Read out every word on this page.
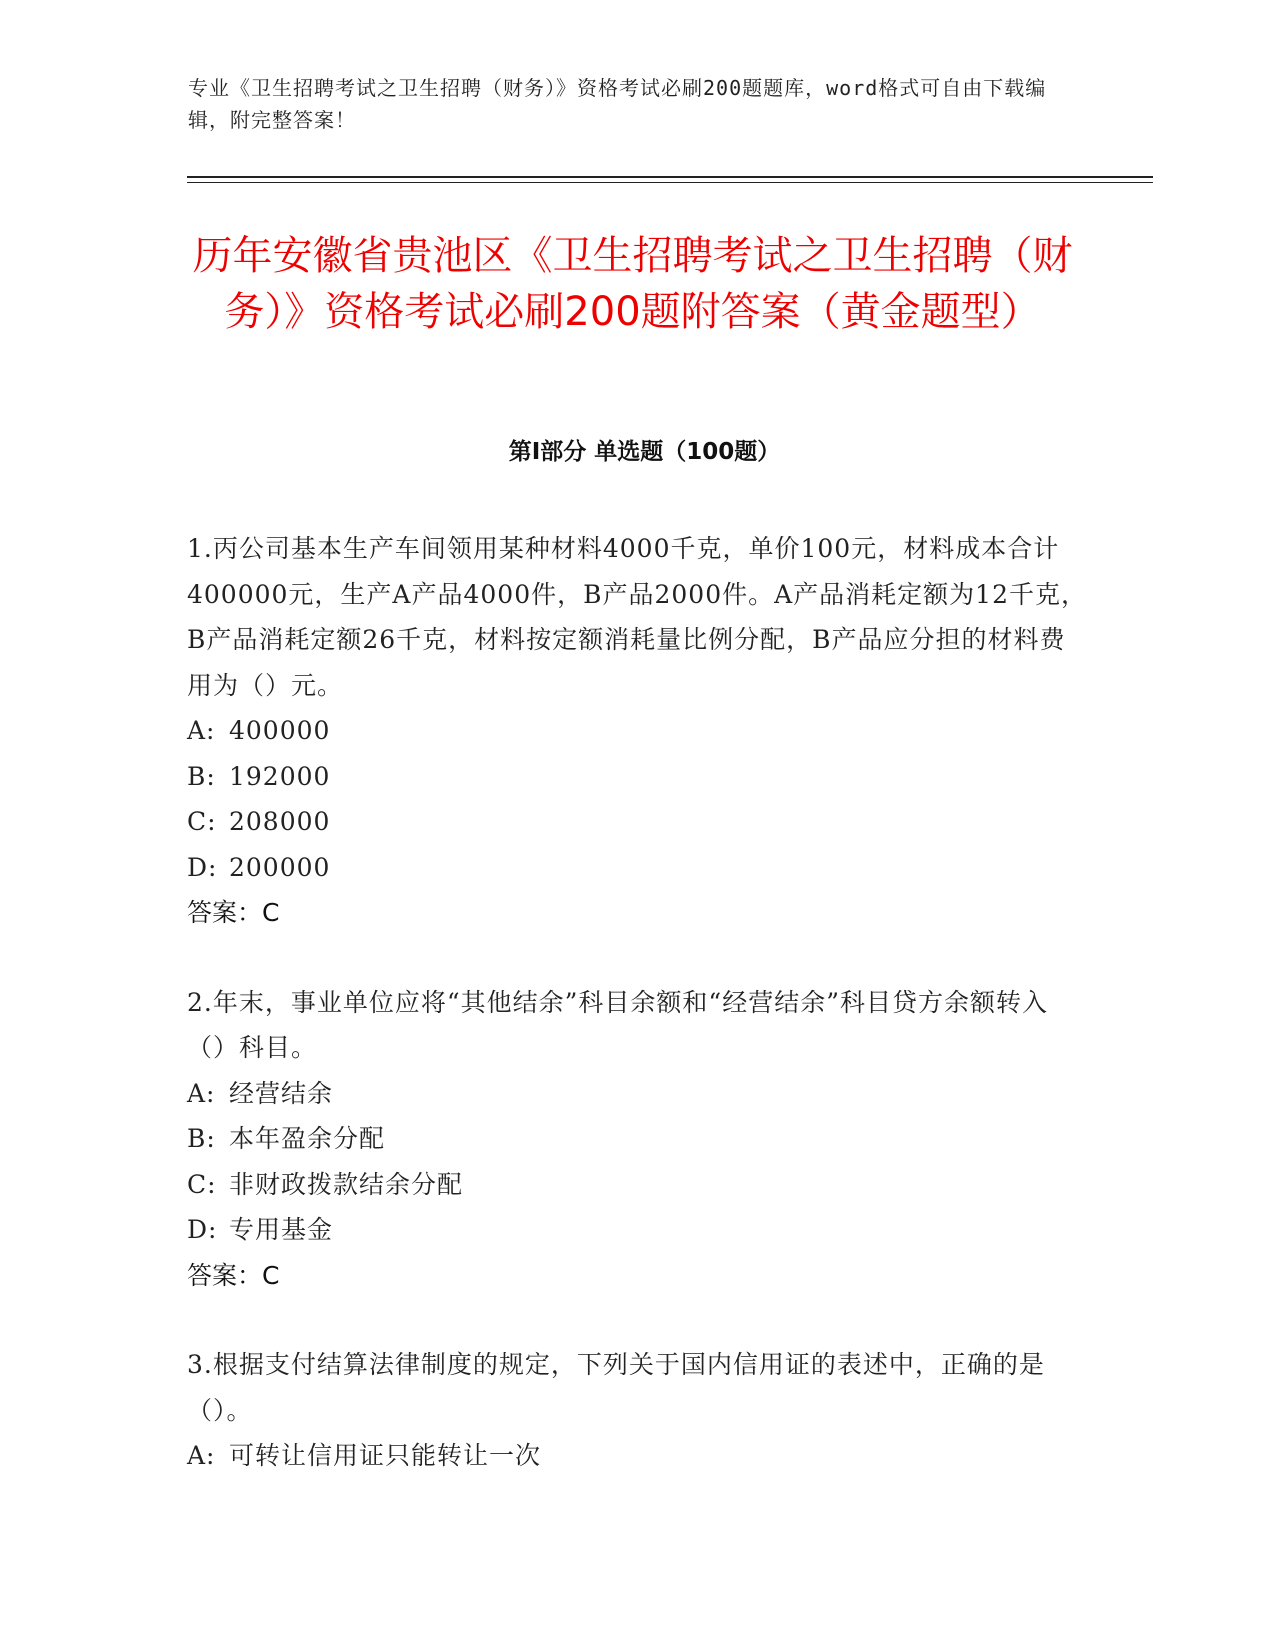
专业《卫生招聘考试之卫生招聘（财务）》资格考试必刷200题题库，word格式可自由下载编辑，附完整答案！
历年安徽省贵池区《卫生招聘考试之卫生招聘（财务）》资格考试必刷200题附答案（黄金题型）
第I部分 单选题（100题）

1.丙公司基本生产车间领用某种材料4000千克，单价100元，材料成本合计400000元，生产A产品4000件，B产品2000件。A产品消耗定额为12千克，B产品消耗定额26千克，材料按定额消耗量比例分配，B产品应分担的材料费用为（）元。

A: 400000

B: 192000

C: 208000

D: 200000

答案：C

2.年末，事业单位应将“其他结余”科目余额和“经营结余”科目贷方余额转入（）科目。

A: 经营结余

B: 本年盈余分配

C: 非财政拨款结余分配

D: 专用基金

答案：C

3.根据支付结算法律制度的规定，下列关于国内信用证的表述中，正确的是（）。

A: 可转让信用证只能转让一次
